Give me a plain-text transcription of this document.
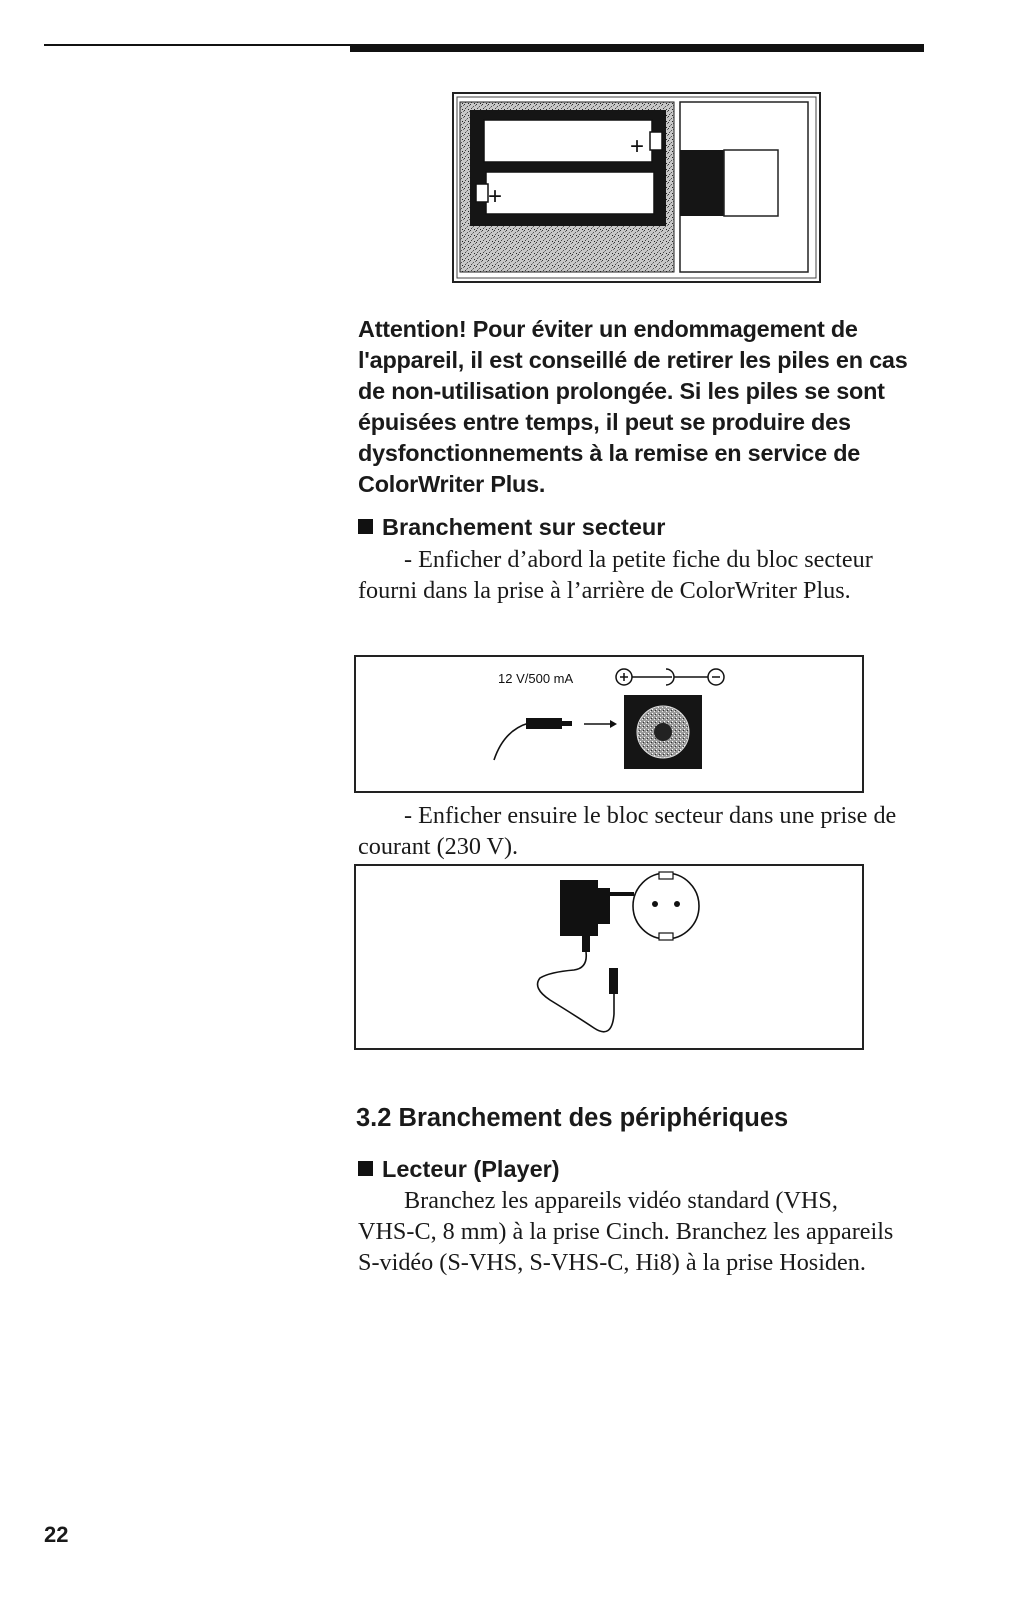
+
+

Attention! Pour éviter un endommagement de l'appareil, il est conseillé de retirer les piles en cas de non-utilisation prolongée. Si les piles se sont épuisées entre temps, il peut se produire des dysfonctionnements à la remise en service de ColorWriter Plus.

Branchement sur secteur

- Enficher d’abord la petite fiche du bloc secteur fourni dans la prise à l’arrière de ColorWriter Plus.

12 V/500 mA

- Enficher ensuire le bloc secteur dans une prise de courant (230 V).

3.2 Branchement des périphériques
Lecteur (Player)

Branchez les appareils vidéo standard (VHS, VHS-C, 8 mm) à la prise Cinch. Branchez les appareils S-vidéo (S-VHS, S-VHS-C, Hi8) à la prise Hosiden.

22
